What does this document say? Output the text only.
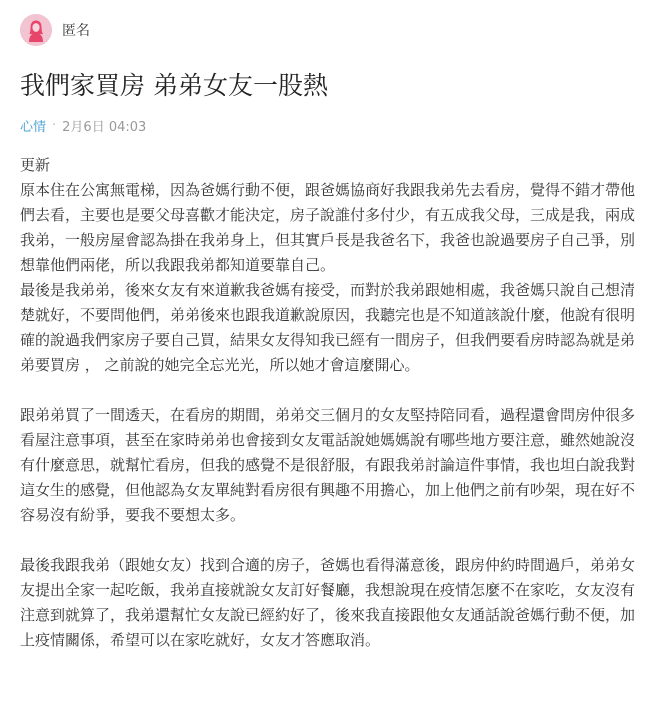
匿名
我們家買房 弟弟女友一股熱
心情 · 2月6日 04:03

更新

原本住在公寓無電梯，因為爸媽行動不便，跟爸媽協商好我跟我弟先去看房，覺得不錯才帶他們去看，主要也是要父母喜歡才能決定，房子說誰付多付少，有五成我父母，三成是我，兩成我弟，一般房屋會認為掛在我弟身上，但其實戶長是我爸名下，我爸也說過要房子自己爭，別想靠他們兩佬，所以我跟我弟都知道要靠自己。

最後是我弟弟，後來女友有來道歉我爸媽有接受，而對於我弟跟她相處，我爸媽只說自己想清楚就好，不要問他們，弟弟後來也跟我道歉說原因，我聽完也是不知道該說什麼，他說有很明確的說過我們家房子要自己買，結果女友得知我已經有一間房子，但我們要看房時認為就是弟弟要買房 ， 之前說的她完全忘光光，所以她才會這麼開心。

跟弟弟買了一間透天，在看房的期間，弟弟交三個月的女友堅持陪同看，過程還會問房仲很多看屋注意事項，甚至在家時弟弟也會接到女友電話說她媽媽說有哪些地方要注意，雖然她說沒有什麼意思，就幫忙看房，但我的感覺不是很舒服，有跟我弟討論這件事情，我也坦白說我對這女生的感覺，但他認為女友單純對看房很有興趣不用擔心，加上他們之前有吵架，現在好不容易沒有紛爭，要我不要想太多。

最後我跟我弟（跟她女友）找到合適的房子，爸媽也看得滿意後，跟房仲約時間過戶，弟弟女友提出全家一起吃飯，我弟直接就說女友訂好餐廳，我想說現在疫情怎麼不在家吃，女友沒有注意到就算了，我弟還幫忙女友說已經約好了，後來我直接跟他女友通話說爸媽行動不便，加上疫情關係，希望可以在家吃就好，女友才答應取消。
